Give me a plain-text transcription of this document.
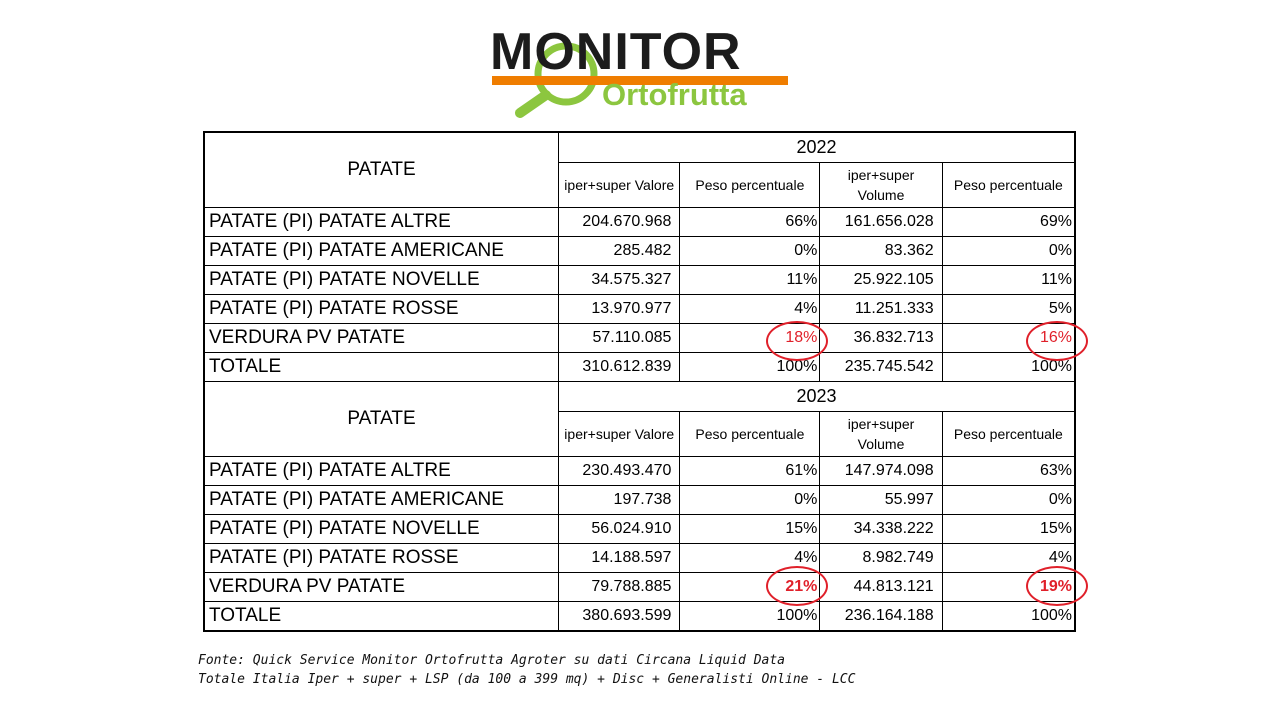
MONITOR
Ortofrutta
PATATE	2022			
	iper+super Valore	Peso percentuale	iper+super Volume	Peso percentuale
PATATE (PI) PATATE ALTRE	204.670.968	66%	161.656.028	69%
PATATE (PI) PATATE AMERICANE	285.482	0%	83.362	0%
PATATE (PI) PATATE NOVELLE	34.575.327	11%	25.922.105	11%
PATATE (PI) PATATE ROSSE	13.970.977	4%	11.251.333	5%
VERDURA PV PATATE	57.110.085	18%	36.832.713	16%
TOTALE	310.612.839	100%	235.745.542	100%
PATATE	2023			
	iper+super Valore	Peso percentuale	iper+super Volume	Peso percentuale
PATATE (PI) PATATE ALTRE	230.493.470	61%	147.974.098	63%
PATATE (PI) PATATE AMERICANE	197.738	0%	55.997	0%
PATATE (PI) PATATE NOVELLE	56.024.910	15%	34.338.222	15%
PATATE (PI) PATATE ROSSE	14.188.597	4%	8.982.749	4%
VERDURA PV PATATE	79.788.885	21%	44.813.121	19%
TOTALE	380.693.599	100%	236.164.188	100%
Fonte: Quick Service Monitor Ortofrutta Agroter su dati Circana Liquid Data
Totale Italia Iper + super + LSP (da 100 a 399 mq) + Disc + Generalisti Online - LCC
